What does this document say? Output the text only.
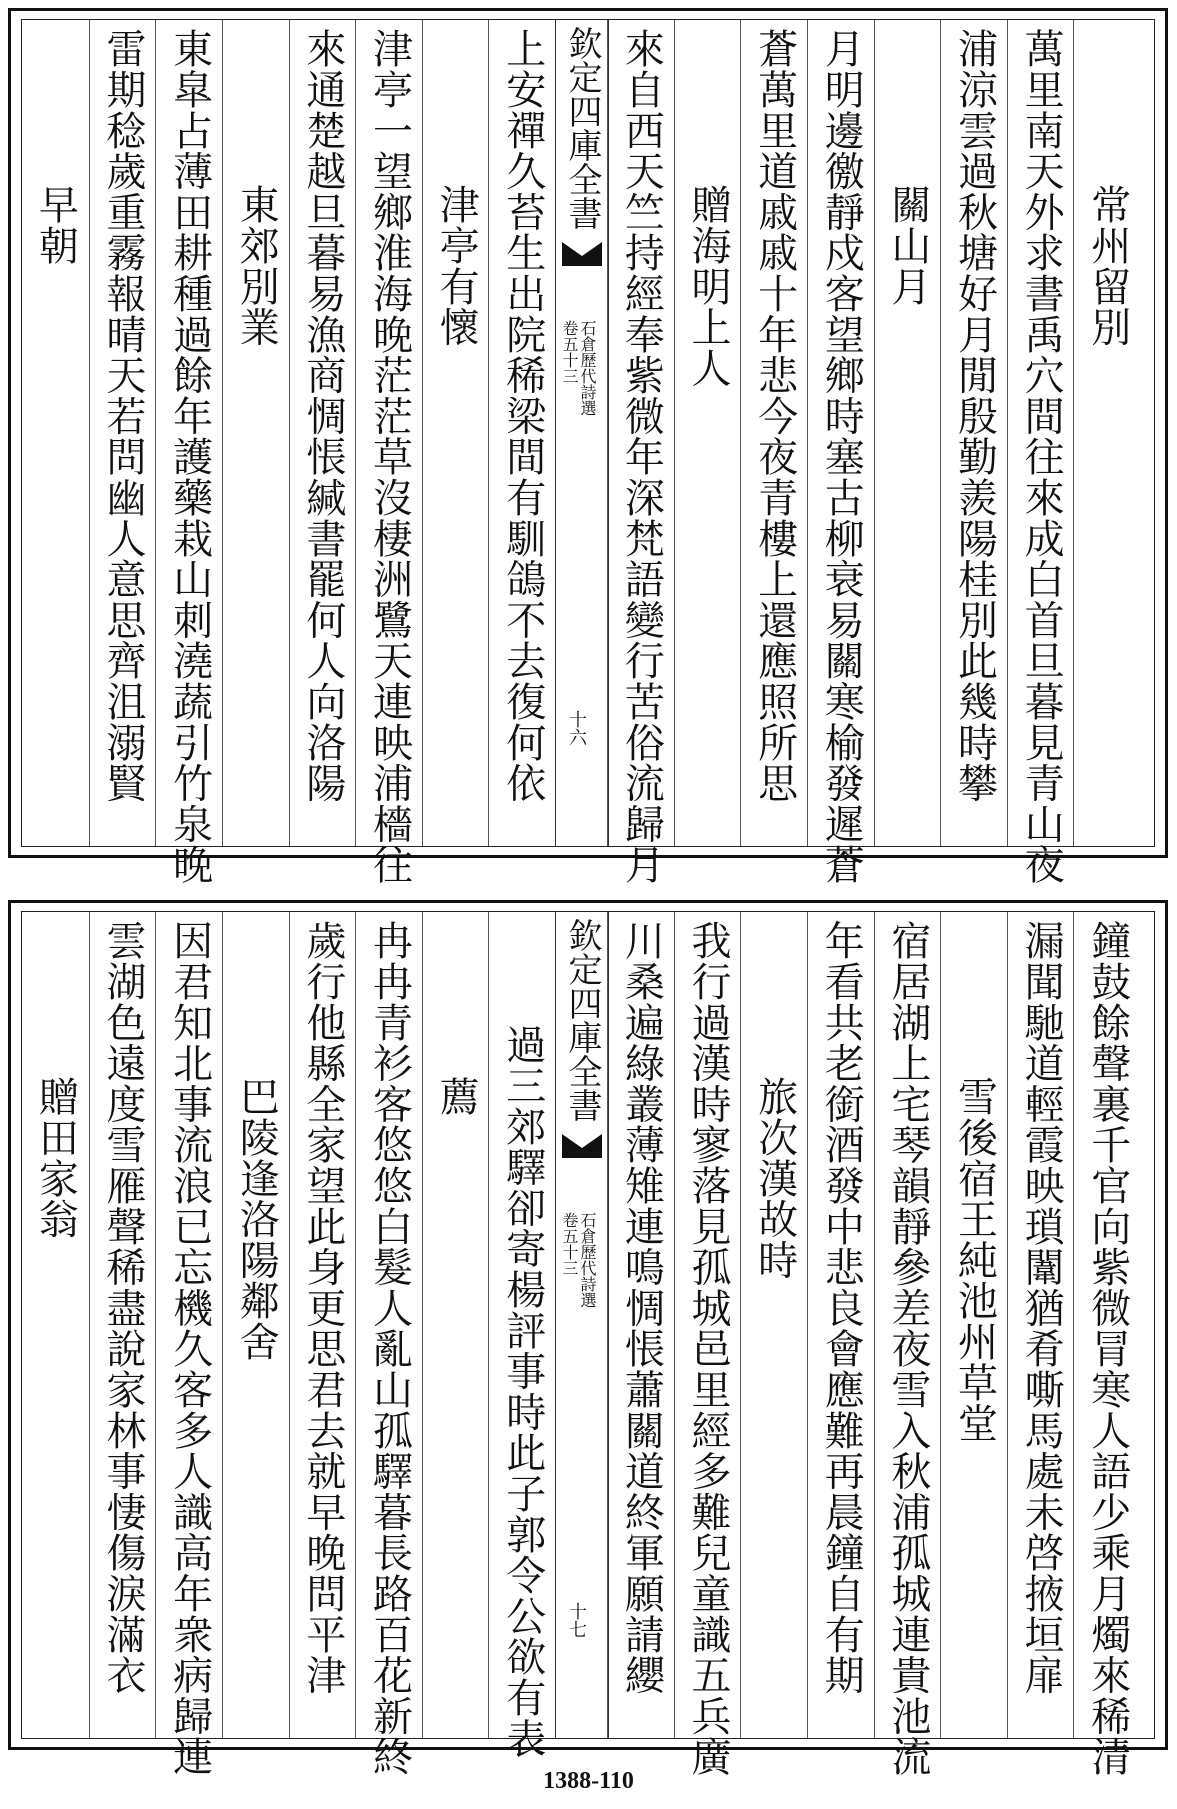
常州留別
萬里南天外求書禹穴間往來成白首旦暮見青山夜
浦涼雲過秋塘好月閒殷勤羨陽桂別此幾時攀
關山月
月明邊徼靜戍客望鄉時塞古柳衰易關寒榆發遲蒼
蒼萬里道戚戚十年悲今夜青樓上還應照所思
贈海明上人
來自西天竺持經奉紫微年深梵語變行苦俗流歸月
欽定四庫全書
石倉歷代詩選
卷五十三
十六
上安禪久苔生出院稀梁間有馴鴿不去復何依
津亭有懷
津亭一望鄉淮海晚茫茫草沒棲洲鷺天連映浦檣往
來通楚越旦暮易漁商惆悵緘書罷何人向洛陽
東郊別業
東皐占薄田耕種過餘年護藥栽山刺澆蔬引竹泉晚
雷期稔歲重霧報晴天若問幽人意思齊沮溺賢
早朝
鐘鼓餘聲裏千官向紫微冐寒人語少乘月燭來稀清
漏聞馳道輕霞映瑣闈猶肴嘶馬處未啓掖垣扉
雪後宿王純池州草堂
宿居湖上宅琴韻靜參差夜雪入秋浦孤城連貴池流
年看共老銜酒發中悲良會應難再晨鐘自有期
旅次漢故時
我行過漢時寥落見孤城邑里經多難兒童識五兵廣
川桑遍綠叢薄雉連鳴惆悵蕭關道終軍願請纓
欽定四庫全書
石倉歷代詩選
卷五十三
十七
過三郊驛卻寄楊評事時此子郭令公欲有表
薦
冉冉青衫客悠悠白髮人亂山孤驛暮長路百花新終
歲行他縣全家望此身更思君去就早晚問平津
巴陵逢洛陽鄰舍
因君知北事流浪已忘機久客多人識高年衆病歸連
雲湖色遠度雪雁聲稀盡說家林事悽傷淚滿衣
贈田家翁
1388-110
